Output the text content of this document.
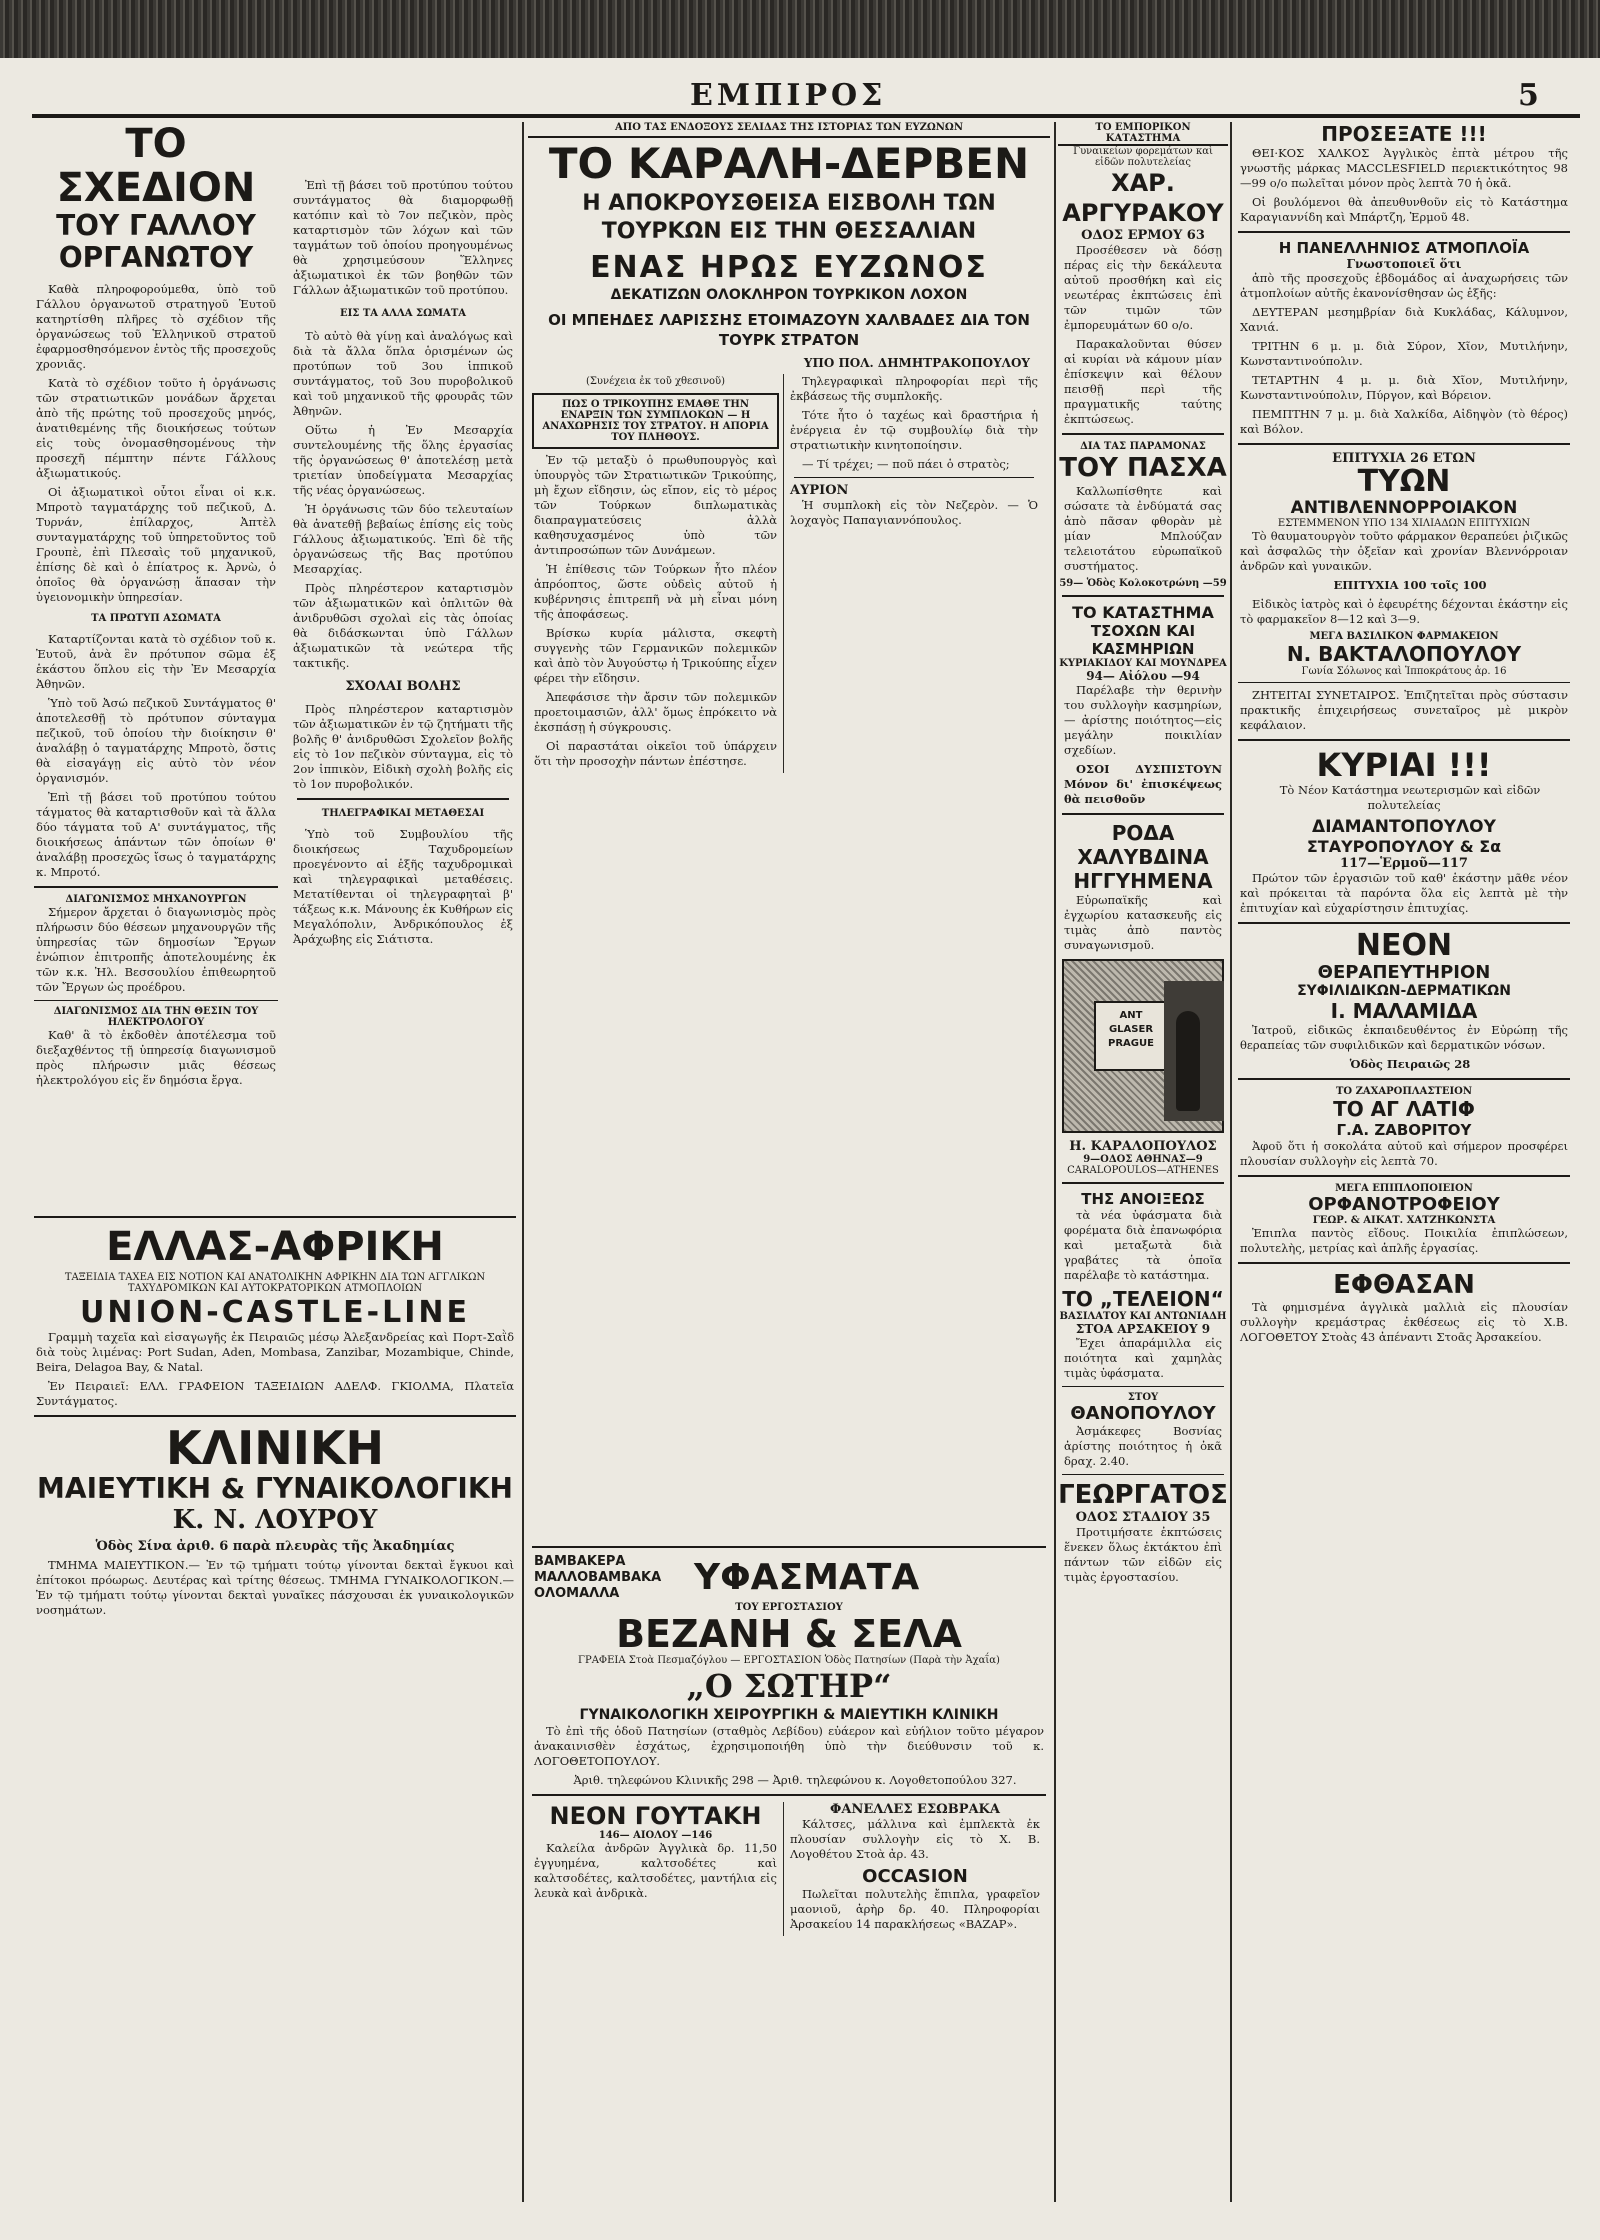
ΕΜΠΙΡΟΣ	5
ΤΟ ΣΧΕΔΙΟΝ
ΤΟΥ ΓΑΛΛΟΥ ΟΡΓΑΝΩΤΟΥ

Καθὰ πληροφορούμεθα, ὑπὸ τοῦ Γάλλου ὀργανωτοῦ στρατηγοῦ Ἐυτοῦ κατηρτίσθη πλῆρες τὸ σχέδιον τῆς ὀργανώσεως τοῦ Ἑλληνικοῦ στρατοῦ ἐφαρμοσθησόμενον ἐντὸς τῆς προσεχοῦς χρονιᾶς.

Κατὰ τὸ σχέδιον τοῦτο ἡ ὀργάνωσις τῶν στρατιωτικῶν μονάδων ἄρχεται ἀπὸ τῆς πρώτης τοῦ προσεχοῦς μηνός, ἀνατιθεμένης τῆς διοικήσεως τούτων εἰς τοὺς ὀνομασθησομένους τὴν προσεχῆ πέμπτην πέντε Γάλλους ἀξιωματικούς.

Οἱ ἀξιωματικοὶ οὗτοι εἶναι οἱ κ.κ. Μπροτὸ ταγματάρχης τοῦ πεζικοῦ, Δ. Τυρνάν, ἐπίλαρχος, Ἀπτὲλ συνταγματάρχης τοῦ ὑπηρετοῦντος τοῦ Γρουπὲ, ἐπὶ Πλεσαὶς τοῦ μηχανικοῦ, ἐπίσης δὲ καὶ ὁ ἐπίατρος κ. Ἀρνὼ, ὁ ὁποῖος θὰ ὀργανώσῃ ἅπασαν τὴν ὑγειονομικὴν ὑπηρεσίαν.

ΤΑ ΠΡΩΤΥΠ ΑΣΩΜΑΤΑ

Καταρτίζονται κατὰ τὸ σχέδιον τοῦ κ. Ἐυτοῦ, ἀνὰ ἓν πρότυπον σῶμα ἐξ ἑκάστου ὅπλου εἰς τὴν Ἐν Μεσαρχία Ἀθηνῶν.

Ὑπὸ τοῦ Ἀσώ πεζικοῦ Συντάγματος θ' ἀποτελεσθῇ τὸ πρότυπον σύνταγμα πεζικοῦ, τοῦ ὁποίου τὴν διοίκησιν θ' ἀναλάβῃ ὁ ταγματάρχης Μπροτὸ, ὅστις θὰ εἰσαγάγῃ εἰς αὐτὸ τὸν νέον ὀργανισμόν.

Ἐπὶ τῇ βάσει τοῦ προτύπου τούτου τάγματος θὰ καταρτισθοῦν καὶ τὰ ἄλλα δύο τάγματα τοῦ Α' συντάγματος, τῆς διοικήσεως ἁπάντων τῶν ὁποίων θ' ἀναλάβῃ προσεχῶς ἴσως ὁ ταγματάρχης κ. Μπροτό.

ΔΙΑΓΩΝΙΣΜΟΣ ΜΗΧΑΝΟΥΡΓΩΝ

Σήμερον ἄρχεται ὁ διαγωνισμὸς πρὸς πλήρωσιν δύο θέσεων μηχανουργῶν τῆς ὑπηρεσίας τῶν δημοσίων Ἔργων ἐνώπιον ἐπιτροπῆς ἀποτελουμένης ἐκ τῶν κ.κ. Ἠλ. Βεσσουλίου ἐπιθεωρητοῦ τῶν Ἔργων ὡς προέδρου.

ΔΙΑΓΩΝΙΣΜΟΣ ΔΙΑ ΤΗΝ ΘΕΣΙΝ ΤΟΥ ΗΛΕΚΤΡΟΛΟΓΟΥ

Καθ' ἃ τὸ ἐκδοθὲν ἀποτέλεσμα τοῦ διεξαχθέντος τῇ ὑπηρεσίᾳ διαγωνισμοῦ πρὸς πλήρωσιν μιᾶς θέσεως ἠλεκτρολόγου εἰς ἕν δημόσια ἔργα.

Ἐπὶ τῇ βάσει τοῦ προτύπου τούτου συντάγματος θὰ διαμορφωθῇ κατόπιν καὶ τὸ 7ον πεζικὸν, πρὸς καταρτισμὸν τῶν λόχων καὶ τῶν ταγμάτων τοῦ ὁποίου προηγουμένως θὰ χρησιμεύσουν Ἕλληνες ἀξιωματικοὶ ἐκ τῶν βοηθῶν τῶν Γάλλων ἀξιωματικῶν τοῦ προτύπου.

ΕΙΣ ΤΑ ΑΛΛΑ ΣΩΜΑΤΑ

Τὸ αὐτὸ θὰ γίνῃ καὶ ἀναλόγως καὶ διὰ τὰ ἄλλα ὅπλα ὁρισμένων ὡς προτύπων τοῦ 3ου ἱππικοῦ συντάγματος, τοῦ 3ου πυροβολικοῦ καὶ τοῦ μηχανικοῦ τῆς φρουρᾶς τῶν Ἀθηνῶν.

Οὕτω ἡ Ἐν Μεσαρχία συντελουμένης τῆς ὅλης ἐργασίας τῆς ὀργανώσεως θ' ἀποτελέσῃ μετὰ τριετίαν ὑποδείγματα Μεσαρχίας τῆς νέας ὀργανώσεως.

Ἡ ὀργάνωσις τῶν δύο τελευταίων θὰ ἀνατεθῇ βεβαίως ἐπίσης εἰς τοὺς Γάλλους ἀξιωματικούς. Ἐπὶ δὲ τῆς ὀργανώσεως τῆς Βας προτύπου Μεσαρχίας.

Πρὸς πληρέστερον καταρτισμὸν τῶν ἀξιωματικῶν καὶ ὁπλιτῶν θὰ ἀνιδρυθῶσι σχολαὶ εἰς τὰς ὁποίας θὰ διδάσκωνται ὑπὸ Γάλλων ἀξιωματικῶν τὰ νεώτερα τῆς τακτικῆς.

ΣΧΟΛΑΙ ΒΟΛΗΣ

Πρὸς πληρέστερον καταρτισμὸν τῶν ἀξιωματικῶν ἐν τῷ ζητήματι τῆς βολῆς θ' ἀνιδρυθῶσι Σχολεῖον βολῆς εἰς τὸ 1ον πεζικὸν σύνταγμα, εἰς τὸ 2ον ἱππικὸν, Εἰδικὴ σχολὴ βολῆς εἰς τὸ 1ον πυροβολικόν.

ΤΗΛΕΓΡΑΦΙΚΑΙ ΜΕΤΑΘΕΣΑΙ

Ὑπὸ τοῦ Συμβουλίου τῆς διοικήσεως Ταχυδρομείων προεγένοντο αἱ ἑξῆς ταχυδρομικαὶ καὶ τηλεγραφικαὶ μεταθέσεις. Μετατίθενται οἱ τηλεγραφηταὶ β' τάξεως κ.κ. Μάνουης ἐκ Κυθήρων εἰς Μεγαλόπολιν, Ἀνδρικόπουλος ἐξ Ἀράχωβης εἰς Σιάτιστα.

ΕΛΛΑΣ-ΑΦΡΙΚΗ
ΤΑΞΕΙΔΙΑ ΤΑΧΕΑ ΕΙΣ ΝΟΤΙΟΝ ΚΑΙ ΑΝΑΤΟΛΙΚΗΝ ΑΦΡΙΚΗΝ ΔΙΑ ΤΩΝ ΑΓΓΛΙΚΩΝ ΤΑΧΥΔΡΟΜΙΚΩΝ ΚΑΙ ΑΥΤΟΚΡΑΤΟΡΙΚΩΝ ΑΤΜΟΠΛΟΙΩΝ
UNION-CASTLE-LINE

Γραμμὴ ταχεῖα καὶ εἰσαγωγῆς ἐκ Πειραιῶς μέσῳ Ἀλεξανδρείας καὶ Πορτ-Σαῒδ διὰ τοὺς λιμένας: Port Sudan, Aden, Mombasa, Zanzibar, Mozambique, Chinde, Beira, Delagoa Bay, & Natal.

Ἐν Πειραιεῖ: ΕΛΛ. ΓΡΑΦΕΙΟΝ ΤΑΞΕΙΔΙΩΝ ΑΔΕΛΦ. ΓΚΙΟΛΜΑ, Πλατεῖα Συντάγματος.

ΚΛΙΝΙΚΗ
ΜΑΙΕΥΤΙΚΗ & ΓΥΝΑΙΚΟΛΟΓΙΚΗ
Κ. Ν. ΛΟΥΡΟΥ
Ὁδὸς Σίνα ἀριθ. 6 παρὰ πλευρὰς τῆς Ἀκαδημίας

ΤΜΗΜΑ ΜΑΙΕΥΤΙΚΟΝ.— Ἐν τῷ τμήματι τούτῳ γίνονται δεκταὶ ἔγκυοι καὶ ἐπίτοκοι πρόωρως. Δευτέρας καὶ τρίτης θέσεως. ΤΜΗΜΑ ΓΥΝΑΙΚΟΛΟΓΙΚΟΝ.— Ἐν τῷ τμήματι τούτῳ γίνονται δεκταὶ γυναῖκες πάσχουσαι ἐκ γυναικολογικῶν νοσημάτων.

ΑΠΟ ΤΑΣ ΕΝΔΟΞΟΥΣ ΣΕΛΙΔΑΣ ΤΗΣ ΙΣΤΟΡΙΑΣ ΤΩΝ ΕΥΖΩΝΩΝ
ΤΟ ΚΑΡΑΛΗ-ΔΕΡΒΕΝ
Η ΑΠΟΚΡΟΥΣΘΕΙΣΑ ΕΙΣΒΟΛΗ ΤΩΝ ΤΟΥΡΚΩΝ ΕΙΣ ΤΗΝ ΘΕΣΣΑΛΙΑΝ
ΕΝΑΣ ΗΡΩΣ ΕΥΖΩΝΟΣ
ΔΕΚΑΤΙΖΩΝ ΟΛΟΚΛΗΡΟΝ ΤΟΥΡΚΙΚΟΝ ΛΟΧΟΝ
ΟΙ ΜΠΕΗΔΕΣ ΛΑΡΙΣΣΗΣ ΕΤΟΙΜΑΖΟΥΝ ΧΑΛΒΑΔΕΣ ΔΙΑ ΤΟΝ ΤΟΥΡΚ ΣΤΡΑΤΟΝ
ΥΠΟ ΠΟΛ. ΔΗΜΗΤΡΑΚΟΠΟΥΛΟΥ
(Συνέχεια ἐκ τοῦ χθεσινοῦ)
ΠΩΣ Ο ΤΡΙΚΟΥΠΗΣ ΕΜΑΘΕ ΤΗΝ ΕΝΑΡΞΙΝ ΤΩΝ ΣΥΜΠΛΟΚΩΝ — Η ΑΝΑΧΩΡΗΣΙΣ ΤΟΥ ΣΤΡΑΤΟΥ. Η ΑΠΟΡΙΑ ΤΟΥ ΠΛΗΘΟΥΣ.

Ἐν τῷ μεταξὺ ὁ πρωθυπουργὸς καὶ ὑπουργὸς τῶν Στρατιωτικῶν Τρικούπης, μὴ ἔχων εἴδησιν, ὡς εἴπον, εἰς τὸ μέρος τῶν Τούρκων διπλωματικὰς διαπραγματεύσεις ἀλλὰ καθησυχασμένος ὑπὸ τῶν ἀντιπροσώπων τῶν Δυνάμεων.

Ἡ ἐπίθεσις τῶν Τούρκων ἦτο πλέον ἀπρόοπτος, ὥστε οὐδεὶς αὐτοῦ ἡ κυβέρνησις ἐπιτρεπῆ νὰ μὴ εἶναι μόνη τῆς ἀποφάσεως.

Βρίσκω κυρία μάλιστα, σκεφτὴ συγγενὴς τῶν Γερμανικῶν πολεμικῶν καὶ ἀπὸ τὸν Ἀυγούστῳ ἡ Τρικούπης εἶχεν φέρει τὴν εἴδησιν.

Ἀπεφάσισε τὴν ἄρσιν τῶν πολεμικῶν προετοιμασιῶν, ἀλλ' ὅμως ἐπρόκειτο νὰ ἐκσπάσῃ ἡ σύγκρουσις.

Οἱ παραστάται οἰκεῖοι τοῦ ὑπάρχειν ὅτι τὴν προσοχὴν πάντων ἐπέστησε.

Τηλεγραφικαὶ πληροφορίαι περὶ τῆς ἐκβάσεως τῆς συμπλοκῆς.

Τότε ἦτο ὁ ταχέως καὶ δραστήρια ἡ ἐνέργεια ἐν τῷ συμβουλίῳ διὰ τὴν στρατιωτικὴν κινητοποίησιν.

— Τί τρέχει; — ποῦ πάει ὁ στρατὸς;

ΑΥΡΙΟΝ

Ἡ συμπλοκὴ εἰς τὸν Νεζερὸν. — Ὁ λοχαγὸς Παπαγιαννόπουλος.

ΒΑΜΒΑΚΕΡΑ ΜΑΛΛΟΒΑΜΒΑΚΑ ΟΛΟΜΑΛΛΑ	ΥΦΑΣΜΑΤΑ
ΤΟΥ ΕΡΓΟΣΤΑΣΙΟΥ
ΒΕΖΑΝΗ & ΣΕΛΑ
ΓΡΑΦΕΙΑ Στοὰ Πεσμαζόγλου — ΕΡΓΟΣΤΑΣΙΟΝ Ὁδὸς Πατησίων (Παρὰ τὴν Ἀχαΐα)
„Ο ΣΩΤΗΡ“
ΓΥΝΑΙΚΟΛΟΓΙΚΗ ΧΕΙΡΟΥΡΓΙΚΗ & ΜΑΙΕΥΤΙΚΗ ΚΛΙΝΙΚΗ

Τὸ ἐπὶ τῆς ὁδοῦ Πατησίων (σταθμὸς Λεβίδου) εὐάερον καὶ εὐήλιον τοῦτο μέγαρον ἀνακαινισθὲν ἐσχάτως, ἐχρησιμοποιήθη ὑπὸ τὴν διεύθυνσιν τοῦ κ. ΛΟΓΟΘΕΤΟΠΟΥΛΟΥ.

Ἀριθ. τηλεφώνου Κλινικῆς 298 — Ἀριθ. τηλεφώνου κ. Λογοθετοπούλου 327.

ΝΕΟΝ ΓΟΥΤΑΚΗ
146— ΑΙΟΛΟΥ —146

Καλείλα ἀνδρῶν Ἀγγλικὰ δρ. 11,50 ἐγγυημένα, καλτσοδέτες καὶ καλτσοδέτες, καλτσοδέτες, μαντήλια εἰς λευκὰ καὶ ἀνδρικὰ.

ΦΑΝΕΛΛΕΣ ΕΣΩΒΡΑΚΑ

Κάλτσες, μάλλινα καὶ ἐμπλεκτὰ ἐκ πλουσίαν συλλογὴν εἰς τὸ Χ. Β. Λογοθέτου Στοὰ ἀρ. 43.

OCCASION

Πωλεῖται πολυτελὴς ἔπιπλα, γραφεῖον μαονιοῦ, ἀρὴρ δρ. 40. Πληροφορίαι Ἀρσακείου 14 παρακλήσεως «ΒΑΖΑΡ».

ΤΟ ΕΜΠΟΡΙΚΟΝ ΚΑΤΑΣΤΗΜΑ
Γυναικείων φορεμάτων καὶ εἰδῶν πολυτελείας
ΧΑΡ. ΑΡΓΥΡΑΚΟΥ
ΟΔΟΣ ΕΡΜΟΥ 63

Προσέθεσεν νὰ δόσῃ πέρας εἰς τὴν δεκάλευτα αὐτοῦ προσθήκη καὶ εἰς νεωτέρας ἐκπτώσεις ἐπὶ τῶν τιμῶν τῶν ἐμπορευμάτων 60 ο/ο.

Παρακαλοῦνται θύσεν αἱ κυρίαι νὰ κάμουν μίαν ἐπίσκεψιν καὶ θέλουν πεισθῇ περὶ τῆς πραγματικῆς ταύτης ἐκπτώσεως.

ΔΙΑ ΤΑΣ ΠΑΡΑΜΟΝΑΣ
ΤΟΥ ΠΑΣΧΑ

Καλλωπίσθητε καὶ σώσατε τὰ ἐνδύματά σας ἀπὸ πᾶσαν φθορὰν μὲ μίαν Μπλούζαν τελειοτάτου εὐρωπαϊκοῦ συστήματος.

59— Ὁδὸς Κολοκοτρώνη —59
ΤΟ ΚΑΤΑΣΤΗΜΑ
ΤΣΟΧΩΝ ΚΑΙ ΚΑΣΜΗΡΙΩΝ
ΚΥΡΙΑΚΙΔΟΥ ΚΑΙ ΜΟΥΝΔΡΕΑ
94— Αἰόλου —94

Παρέλαβε τὴν θερινὴν του συλλογὴν κασμηρίων, — ἀρίστης ποιότητος—εἰς μεγάλην ποικιλίαν σχεδίων.

ΟΣΟΙ ΔΥΣΠΙΣΤΟΥΝ Μόνον δι' ἐπισκέψεως θὰ πεισθοῦν

ΡΟΔΑ ΧΑΛΥΒΔΙΝΑ
ΗΓΓΥΗΜΕΝΑ

Εὐρωπαϊκῆς καὶ ἐγχωρίου κατασκευῆς εἰς τιμὰς ἀπὸ παντὸς συναγωνισμοῦ.

ANT GLASER PRAGUE
Η. ΚΑΡΑΛΟΠΟΥΛΟΣ
9—ΟΔΟΣ ΑΘΗΝΑΣ—9
CARALOPOULOS—ATHENES
ΤΗΣ ΑΝΟΙΞΕΩΣ

τὰ νέα ὑφάσματα διὰ φορέματα διὰ ἐπανωφόρια καὶ μεταξωτὰ διὰ γραβάτες τὰ ὁποῖα παρέλαβε τὸ κατάστημα.

ΤΟ „ΤΕΛΕΙΟΝ“
ΒΑΣΙΛΑΤΟΥ ΚΑΙ ΑΝΤΩΝΙΑΔΗ
ΣΤΟΑ ΑΡΣΑΚΕΙΟΥ 9

Ἔχει ἀπαράμιλλα εἰς ποιότητα καὶ χαμηλὰς τιμὰς ὑφάσματα.

ΣΤΟΥ
ΘΑΝΟΠΟΥΛΟΥ

Ἀσμάκεφες Βοσνίας ἀρίστης ποιότητος ἡ ὀκᾶ δραχ. 2.40.

ΓΕΩΡΓΑΤΟΣ
ΟΔΟΣ ΣΤΑΔΙΟΥ 35

Προτιμήσατε ἐκπτώσεις ἕνεκεν ὅλως ἐκτάκτου ἐπὶ πάντων τῶν εἰδῶν εἰς τιμὰς ἐργοστασίου.

ΠΡΟΣΕΞΑΤΕ !!!

ΘΕΙ·ΚΟΣ ΧΑΛΚΟΣ Ἀγγλικὸς ἐπτὰ μέτρου τῆς γνωστῆς μάρκας MACCLESFIELD περιεκτικότητος 98—99 ο/ο πωλεῖται μόνον πρὸς λεπτὰ 70 ἡ ὀκᾶ.

Οἱ βουλόμενοι θὰ ἀπευθυνθοῦν εἰς τὸ Κατάστημα Καραγιαννίδη καὶ Μπάρτζη, Ἑρμοῦ 48.

Η ΠΑΝΕΛΛΗΝΙΟΣ ΑΤΜΟΠΛΟΪΑ
Γνωστοποιεῖ ὅτι

ἀπὸ τῆς προσεχοῦς ἑβδομάδος αἱ ἀναχωρήσεις τῶν ἀτμοπλοίων αὐτῆς ἐκανονίσθησαν ὡς ἑξῆς:

ΔΕΥΤΕΡΑΝ μεσημβρίαν διὰ Κυκλάδας, Κάλυμνον, Χανιά.

ΤΡΙΤΗΝ 6 μ. μ. διὰ Σύρον, Χῖον, Μυτιλήνην, Κωνσταντινούπολιν.

ΤΕΤΑΡΤΗΝ 4 μ. μ. διὰ Χῖον, Μυτιλήνην, Κωνσταντινούπολιν, Πύργον, καὶ Βόρειον.

ΠΕΜΠΤΗΝ 7 μ. μ. διὰ Χαλκίδα, Αἰδηψὸν (τὸ θέρος) καὶ Βόλον.

ΕΠΙΤΥΧΙΑ 26 ΕΤΩΝ
ΤΥΩΝ
ΑΝΤΙΒΛΕΝΝΟΡΡΟΙΑΚΟΝ
ΕΣΤΕΜΜΕΝΟΝ ΥΠΟ 134 ΧΙΛΙΑΔΩΝ ΕΠΙΤΥΧΙΩΝ

Τὸ θαυματουργὸν τοῦτο φάρμακον θεραπεύει ῥιζικῶς καὶ ἀσφαλῶς τὴν ὀξεῖαν καὶ χρονίαν Βλεννόρροιαν ἀνδρῶν καὶ γυναικῶν.

ΕΠΙΤΥΧΙΑ 100 τοῖς 100

Εἰδικὸς ἰατρὸς καὶ ὁ ἐφευρέτης δέχονται ἑκάστην εἰς τὸ φαρμακεῖον 8—12 καὶ 3—9.

ΜΕΓΑ ΒΑΣΙΛΙΚΟΝ ΦΑΡΜΑΚΕΙΟΝ
Ν. ΒΑΚΤΑΛΟΠΟΥΛΟΥ
Γωνία Σόλωνος καὶ Ἱπποκράτους ἀρ. 16

ΖΗΤΕΙΤΑΙ ΣΥΝΕΤΑΙΡΟΣ. Ἐπιζητεῖται πρὸς σύστασιν πρακτικῆς ἐπιχειρήσεως συνεταῖρος μὲ μικρὸν κεφάλαιον.

ΚΥΡΙΑΙ !!!

Τὸ Νέον Κατάστημα νεωτερισμῶν καὶ εἰδῶν πολυτελείας

ΔΙΑΜΑΝΤΟΠΟΥΛΟΥ
ΣΤΑΥΡΟΠΟΥΛΟΥ & Σα
117—Ἑρμοῦ—117

Πρώτον τῶν ἐργασιῶν τοῦ καθ' ἑκάστην μᾶθε νέον καὶ πρόκειται τὰ παρόντα ὅλα εἰς λεπτὰ μὲ τὴν ἐπιτυχίαν καὶ εὐχαρίστησιν ἐπιτυχίας.

ΝΕΟΝ
ΘΕΡΑΠΕΥΤΗΡΙΟΝ
ΣΥΦΙΛΙΔΙΚΩΝ-ΔΕΡΜΑΤΙΚΩΝ
Ι. ΜΑΛΑΜΙΔΑ

Ἰατροῦ, εἰδικῶς ἐκπαιδευθέντος ἐν Εὐρώπῃ τῆς θεραπείας τῶν συφιλιδικῶν καὶ δερματικῶν νόσων.

Ὁδὸς Πειραιῶς 28

ΤΟ ΖΑΧΑΡΟΠΛΑΣΤΕΙΟΝ
ΤΟ ΑΓ ΛΑΤΙΦ
Γ.Α. ΖΑΒΟΡΙΤΟΥ

Ἀφοῦ ὅτι ἡ σοκολάτα αὐτοῦ καὶ σήμερον προσφέρει πλουσίαν συλλογὴν εἰς λεπτὰ 70.

ΜΕΓΑ ΕΠΙΠΛΟΠΟΙΕΙΟΝ
ΟΡΦΑΝΟΤΡΟΦΕΙΟΥ
ΓΕΩΡ. & ΑΙΚΑΤ. ΧΑΤΖΗΚΩΝΣΤΑ

Ἐπιπλα παντὸς εἴδους. Ποικιλία ἐπιπλώσεων, πολυτελὴς, μετρίας καὶ ἁπλῆς ἐργασίας.

ΕΦΘΑΣΑΝ

Τὰ φημισμένα ἀγγλικὰ μαλλιὰ εἰς πλουσίαν συλλογὴν κρεμάστρας ἐκθέσεως εἰς τὸ Χ.Β. ΛΟΓΟΘΕΤΟΥ Στοὰς 43 ἀπέναντι Στοᾶς Ἀρσακείου.
